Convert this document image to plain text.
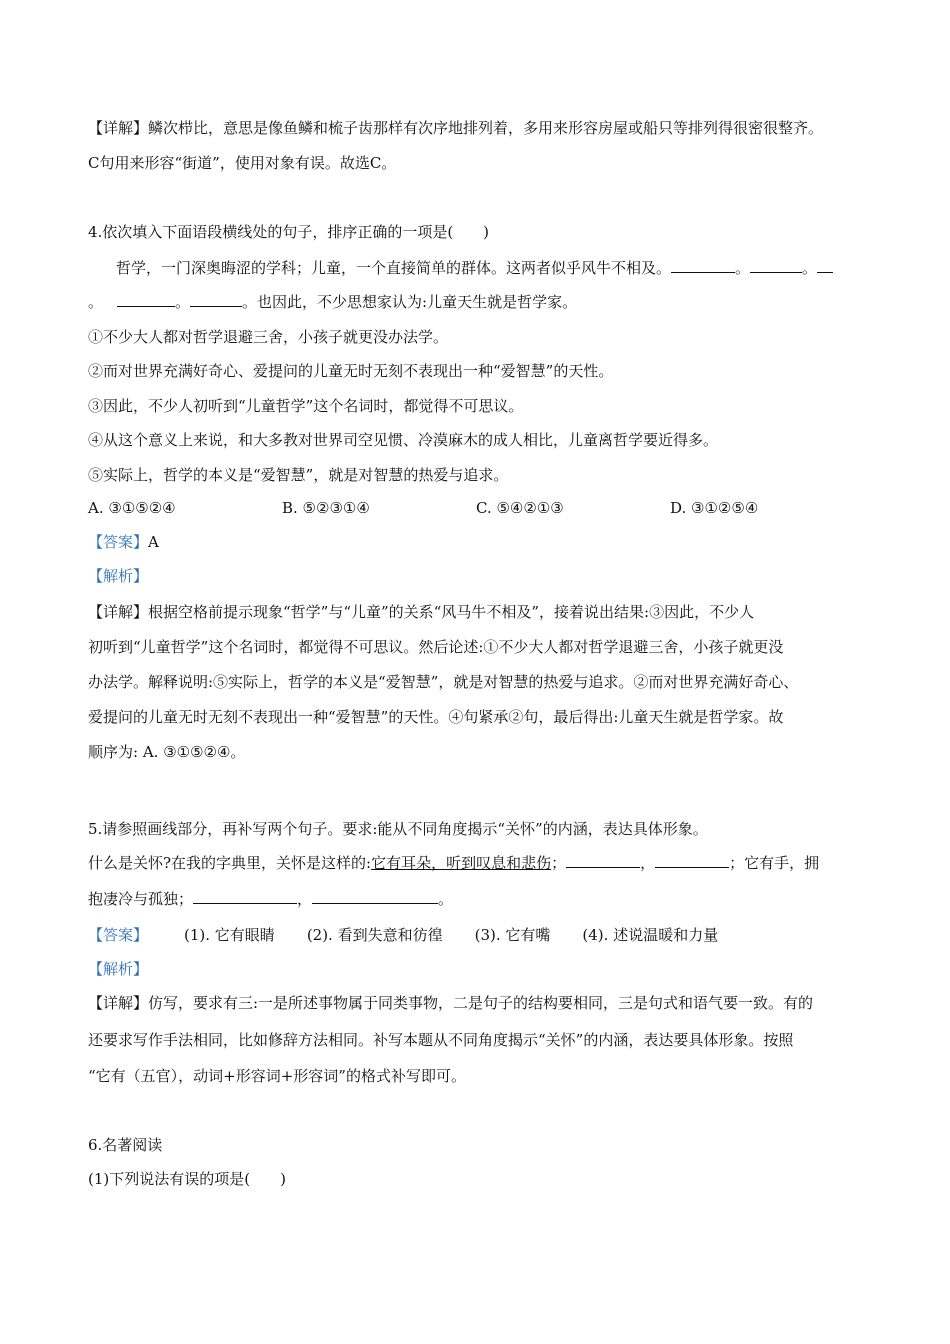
【详解】鳞次栉比，意思是像鱼鳞和梳子齿那样有次序地排列着，多用来形容房屋或船只等排列得很密很整齐。
C句用来形容“街道”，使用对象有误。故选C。
4.依次填入下面语段横线处的句子，排序正确的一项是(　　)
哲学，一门深奥晦涩的学科；儿童，一个直接简单的群体。这两者似乎风牛不相及。	。	。
。	。	。也因此，不少思想家认为:儿童天生就是哲学家。
①不少大人都对哲学退避三舍，小孩子就更没办法学。
②而对世界充满好奇心、爱提问的儿童无时无刻不表现出一种“爱智慧”的天性。
③因此，不少人初听到“儿童哲学”这个名词时，都觉得不可思议。
④从这个意义上来说，和大多教对世界司空见惯、冷漠麻木的成人相比，儿童离哲学要近得多。
⑤实际上，哲学的本义是“爱智慧”，就是对智慧的热爱与追求。
A. ③①⑤②④	B. ⑤②③①④	C. ⑤④②①③	D. ③①②⑤④
【答案】A
【解析】
【详解】根据空格前提示现象“哲学”与“儿童”的关系“风马牛不相及”，接着说出结果:③因此，不少人
初听到“儿童哲学”这个名词时，都觉得不可思议。然后论述:①不少大人都对哲学退避三舍，小孩子就更没
办法学。解释说明:⑤实际上，哲学的本义是“爱智慧”，就是对智慧的热爱与追求。②而对世界充满好奇心、
爱提问的儿童无时无刻不表现出一种“爱智慧”的天性。④句紧承②句，最后得出:儿童天生就是哲学家。故
顺序为: A. ③①⑤②④。
5.请参照画线部分，再补写两个句子。要求:能从不同角度揭示“关怀”的内涵，表达具体形象。
什么是关怀?在我的字典里，关怀是这样的:它有耳朵，听到叹息和悲伤；	，	；它有手，拥
抱凄冷与孤独；	，	。
【答案】 (1). 它有眼睛 (2). 看到失意和彷徨 (3). 它有嘴 (4). 述说温暖和力量
【解析】
【详解】仿写，要求有三:一是所述事物属于同类事物，二是句子的结构要相同，三是句式和语气要一致。有的
还要求写作手法相同，比如修辞方法相同。补写本题从不同角度揭示“关怀”的内涵，表达要具体形象。按照
“它有（五官），动词+形容词+形容词”的格式补写即可。
6.名著阅读
(1)下列说法有误的项是(　　)
